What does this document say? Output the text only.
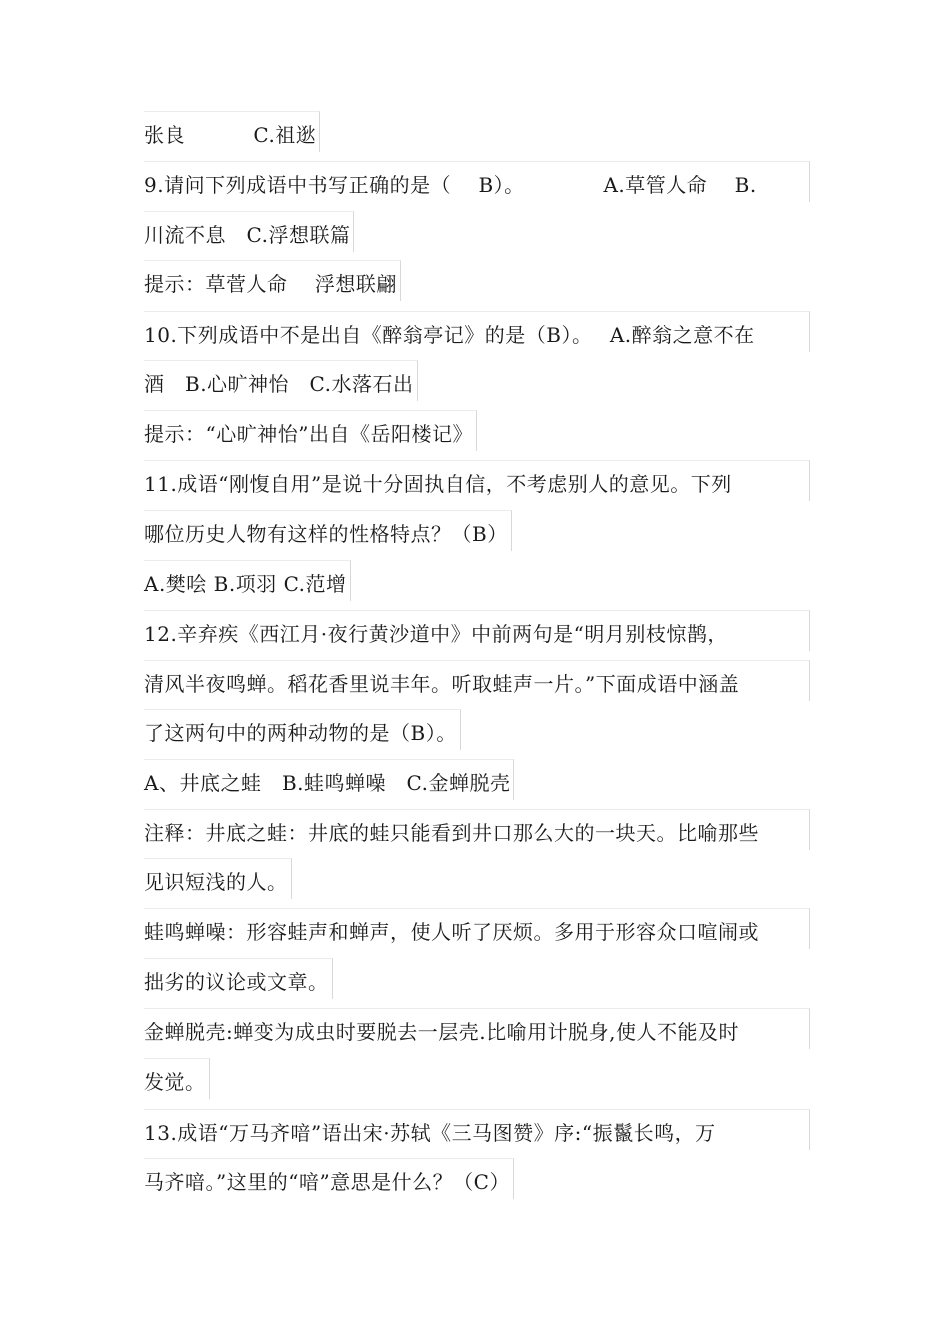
张良　　　 C.祖逖
9.请问下列成语中书写正确的是（　 B）。　　　　 A.草管人命　 B.
川流不息　C.浮想联篇
提示：草菅人命　 浮想联翩
10.下列成语中不是出自《醉翁亭记》的是（B）。　 A.醉翁之意不在
酒　B.心旷神怡　C.水落石出
提示：“心旷神怡”出自《岳阳楼记》
11.成语“刚愎自用”是说十分固执自信，不考虑别人的意见。下列
哪位历史人物有这样的性格特点？（B）
A.樊哙 B.项羽 C.范增
12.辛弃疾《西江月·夜行黄沙道中》中前两句是“明月别枝惊鹊，
清风半夜鸣蝉。稻花香里说丰年。听取蛙声一片。”下面成语中涵盖
了这两句中的两种动物的是（B）。
A、井底之蛙　B.蛙鸣蝉噪　C.金蝉脱壳
注释：井底之蛙：井底的蛙只能看到井口那么大的一块天。比喻那些
见识短浅的人。
蛙鸣蝉噪：形容蛙声和蝉声，使人听了厌烦。多用于形容众口喧闹或
拙劣的议论或文章。
金蝉脱壳:蝉变为成虫时要脱去一层壳.比喻用计脱身,使人不能及时
发觉。
13.成语“万马齐喑”语出宋·苏轼《三马图赞》序:“振鬣长鸣，万
马齐喑。”这里的“喑”意思是什么？（C）
